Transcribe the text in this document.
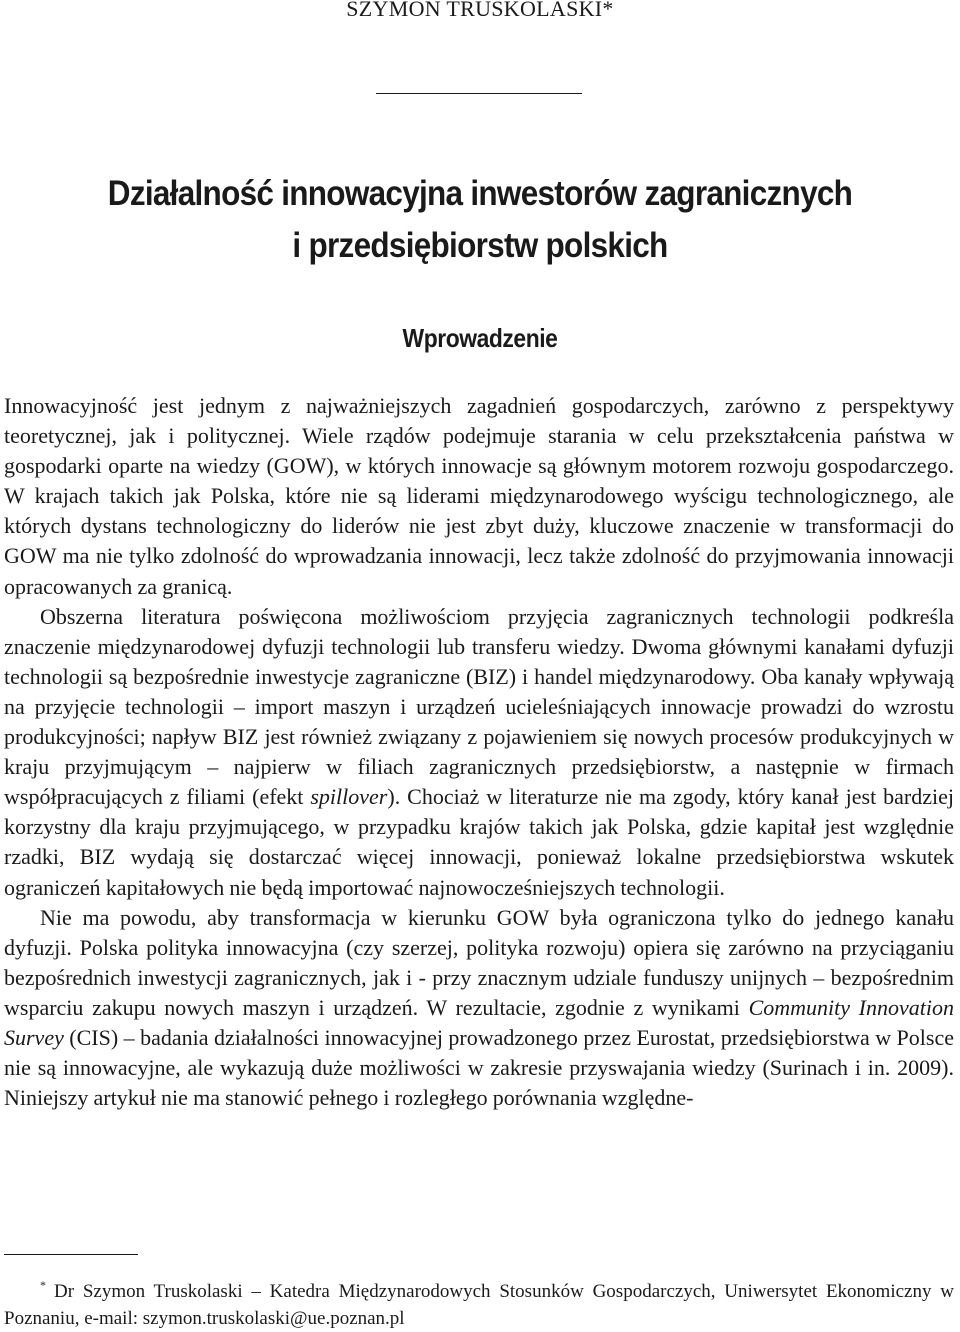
SZYMON TRUSKOLASKI*
Działalność innowacyjna inwestorów zagranicznych
i przedsiębiorstw polskich
Wprowadzenie

Innowacyjność jest jednym z najważniejszych zagadnień gospodarczych, zarówno z perspektywy teoretycznej, jak i politycznej. Wiele rządów podejmuje starania w celu przekształcenia państwa w gospodarki oparte na wiedzy (GOW), w których innowacje są głównym motorem rozwoju gospodarczego. W krajach takich jak Polska, które nie są liderami międzynarodowego wyścigu technologicznego, ale których dystans technologiczny do liderów nie jest zbyt duży, kluczowe znaczenie w transformacji do GOW ma nie tylko zdolność do wprowadzania innowacji, lecz także zdolność do przyjmowania innowacji opracowanych za granicą.

Obszerna literatura poświęcona możliwościom przyjęcia zagranicznych technologii podkreśla znaczenie międzynarodowej dyfuzji technologii lub transferu wiedzy. Dwoma głównymi kanałami dyfuzji technologii są bezpośrednie inwestycje zagraniczne (BIZ) i handel międzynarodowy. Oba kanały wpływają na przyjęcie technologii – import maszyn i urządzeń ucieleśniających innowacje prowadzi do wzrostu produkcyjności; napływ BIZ jest również związany z pojawieniem się nowych procesów produkcyjnych w kraju przyjmującym – najpierw w filiach zagranicznych przedsiębiorstw, a następnie w firmach współpracujących z filiami (efekt spillover). Chociaż w literaturze nie ma zgody, który kanał jest bardziej korzystny dla kraju przyjmującego, w przypadku krajów takich jak Polska, gdzie kapitał jest względnie rzadki, BIZ wydają się dostarczać więcej innowacji, ponieważ lokalne przedsiębiorstwa wskutek ograniczeń kapitałowych nie będą importować najnowocześniejszych technologii.

Nie ma powodu, aby transformacja w kierunku GOW była ograniczona tylko do jednego kanału dyfuzji. Polska polityka innowacyjna (czy szerzej, polityka rozwoju) opiera się zarówno na przyciąganiu bezpośrednich inwestycji zagranicznych, jak i - przy znacznym udziale funduszy unijnych – bezpośrednim wsparciu zakupu nowych maszyn i urządzeń. W rezultacie, zgodnie z wynikami Community Innovation Survey (CIS) – badania działalności innowacyjnej prowadzonego przez Eurostat, przedsiębiorstwa w Polsce nie są innowacyjne, ale wykazują duże możliwości w zakresie przyswajania wiedzy (Surinach i in. 2009). Niniejszy artykuł nie ma stanowić pełnego i rozległego porównania względne-

* Dr Szymon Truskolaski – Katedra Międzynarodowych Stosunków Gospodarczych, Uniwersytet Ekonomiczny w Poznaniu, e-mail: szymon.truskolaski@ue.poznan.pl
